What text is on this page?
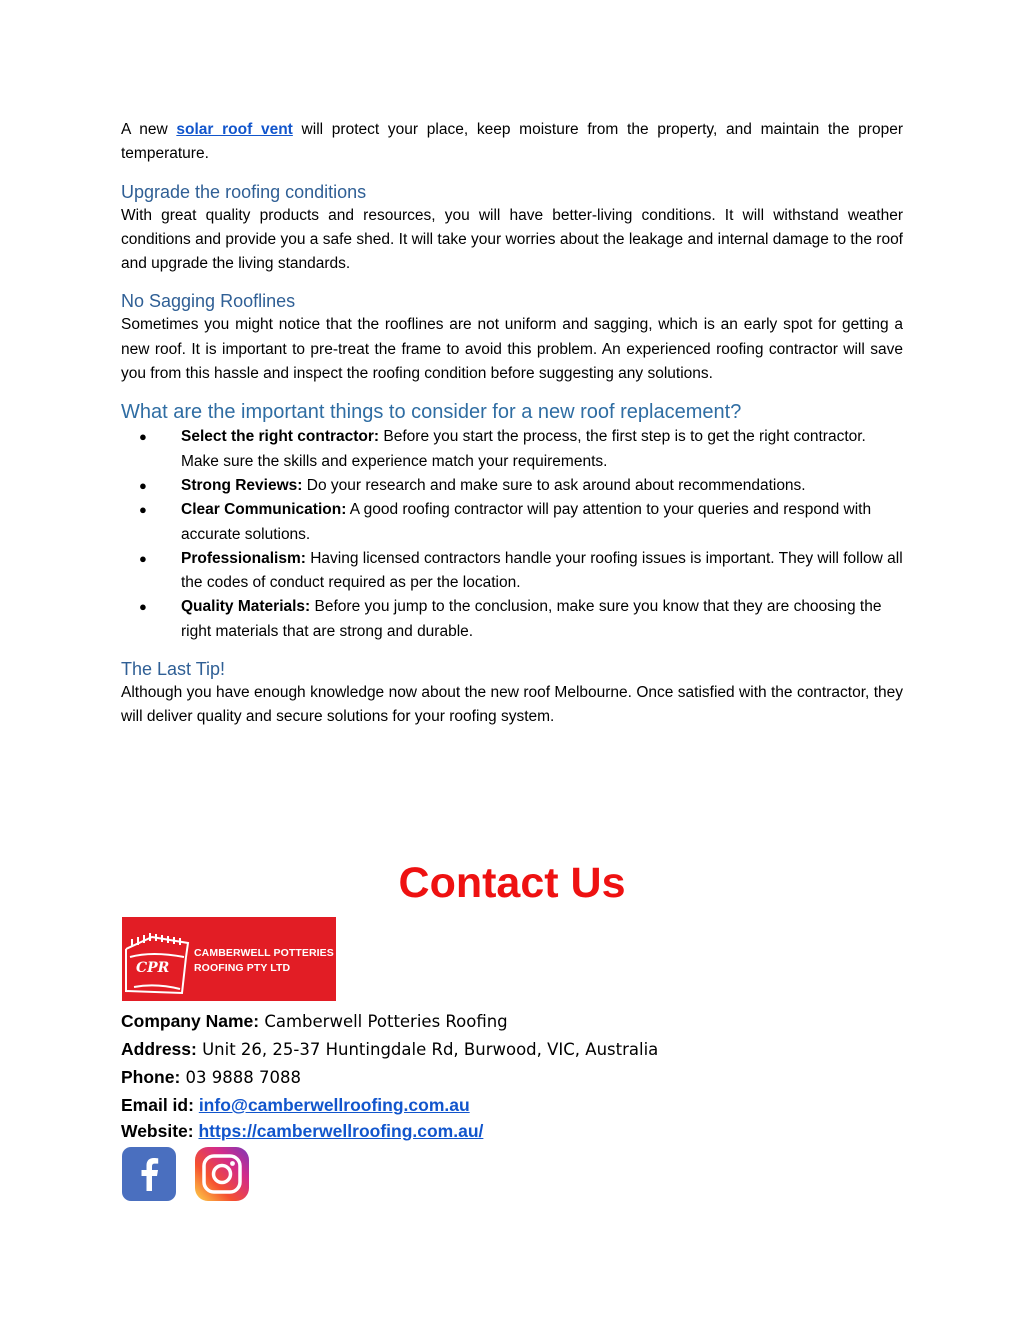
A new solar roof vent will protect your place, keep moisture from the property, and maintain the proper temperature.

Upgrade the roofing conditions

With great quality products and resources, you will have better-living conditions. It will withstand weather conditions and provide you a safe shed. It will take your worries about the leakage and internal damage to the roof and upgrade the living standards.

No Sagging Rooflines

Sometimes you might notice that the rooflines are not uniform and sagging, which is an early spot for getting a new roof. It is important to pre-treat the frame to avoid this problem. An experienced roofing contractor will save you from this hassle and inspect the roofing condition before suggesting any solutions.

What are the important things to consider for a new roof replacement?
● Select the right contractor: Before you start the process, the first step is to get the right contractor. Make sure the skills and experience match your requirements.
● Strong Reviews: Do your research and make sure to ask around about recommendations.
● Clear Communication: A good roofing contractor will pay attention to your queries and respond with accurate solutions.
● Professionalism: Having licensed contractors handle your roofing issues is important. They will follow all the codes of conduct required as per the location.
● Quality Materials: Before you jump to the conclusion, make sure you know that they are choosing the right materials that are strong and durable.
The Last Tip!

Although you have enough knowledge now about the new roof Melbourne. Once satisfied with the contractor, they will deliver quality and secure solutions for your roofing system.

Contact Us
CPR
CAMBERWELL POTTERIES
ROOFING PTY LTD
Company Name: Camberwell Potteries Roofing
Address: Unit 26, 25-37 Huntingdale Rd, Burwood, VIC, Australia
Phone: 03 9888 7088
Email id: info@camberwellroofing.com.au
Website: https://camberwellroofing.com.au/
